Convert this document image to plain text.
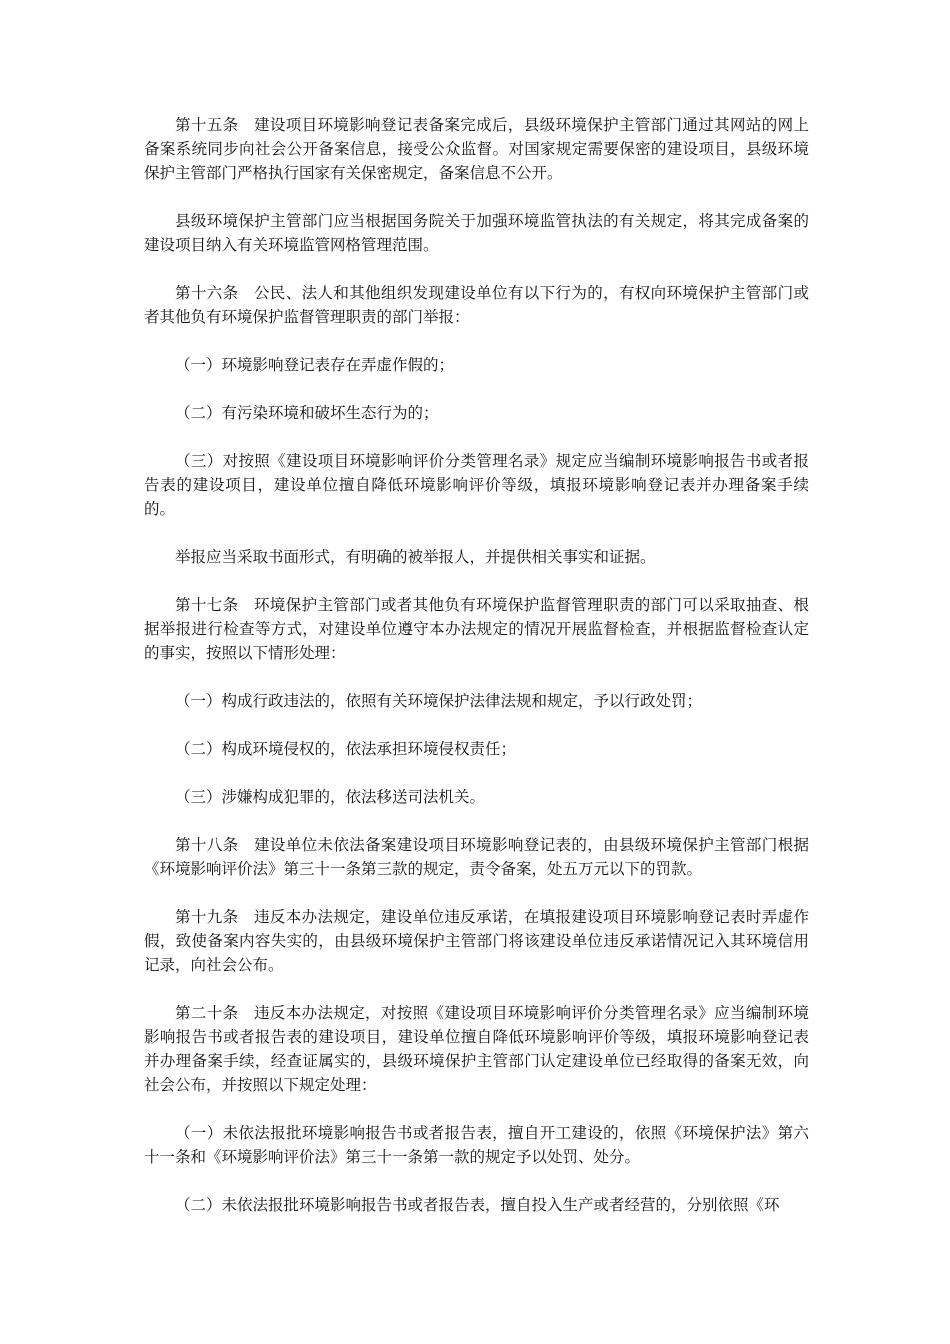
第十五条 建设项目环境影响登记表备案完成后，县级环境保护主管部门通过其网站的网上备案系统同步向社会公开备案信息，接受公众监督。对国家规定需要保密的建设项目，县级环境保护主管部门严格执行国家有关保密规定，备案信息不公开。

县级环境保护主管部门应当根据国务院关于加强环境监管执法的有关规定，将其完成备案的建设项目纳入有关环境监管网格管理范围。

第十六条 公民、法人和其他组织发现建设单位有以下行为的，有权向环境保护主管部门或者其他负有环境保护监督管理职责的部门举报：

（一）环境影响登记表存在弄虚作假的；

（二）有污染环境和破坏生态行为的；

（三）对按照《建设项目环境影响评价分类管理名录》规定应当编制环境影响报告书或者报告表的建设项目，建设单位擅自降低环境影响评价等级，填报环境影响登记表并办理备案手续的。

举报应当采取书面形式，有明确的被举报人，并提供相关事实和证据。

第十七条 环境保护主管部门或者其他负有环境保护监督管理职责的部门可以采取抽查、根据举报进行检查等方式，对建设单位遵守本办法规定的情况开展监督检查，并根据监督检查认定的事实，按照以下情形处理：

（一）构成行政违法的，依照有关环境保护法律法规和规定，予以行政处罚；

（二）构成环境侵权的，依法承担环境侵权责任；

（三）涉嫌构成犯罪的，依法移送司法机关。

第十八条 建设单位未依法备案建设项目环境影响登记表的，由县级环境保护主管部门根据《环境影响评价法》第三十一条第三款的规定，责令备案，处五万元以下的罚款。

第十九条 违反本办法规定，建设单位违反承诺，在填报建设项目环境影响登记表时弄虚作假，致使备案内容失实的，由县级环境保护主管部门将该建设单位违反承诺情况记入其环境信用记录，向社会公布。

第二十条 违反本办法规定，对按照《建设项目环境影响评价分类管理名录》应当编制环境影响报告书或者报告表的建设项目，建设单位擅自降低环境影响评价等级，填报环境影响登记表并办理备案手续，经查证属实的，县级环境保护主管部门认定建设单位已经取得的备案无效，向社会公布，并按照以下规定处理：

（一）未依法报批环境影响报告书或者报告表，擅自开工建设的，依照《环境保护法》第六十一条和《环境影响评价法》第三十一条第一款的规定予以处罚、处分。

（二）未依法报批环境影响报告书或者报告表，擅自投入生产或者经营的，分别依照《环
